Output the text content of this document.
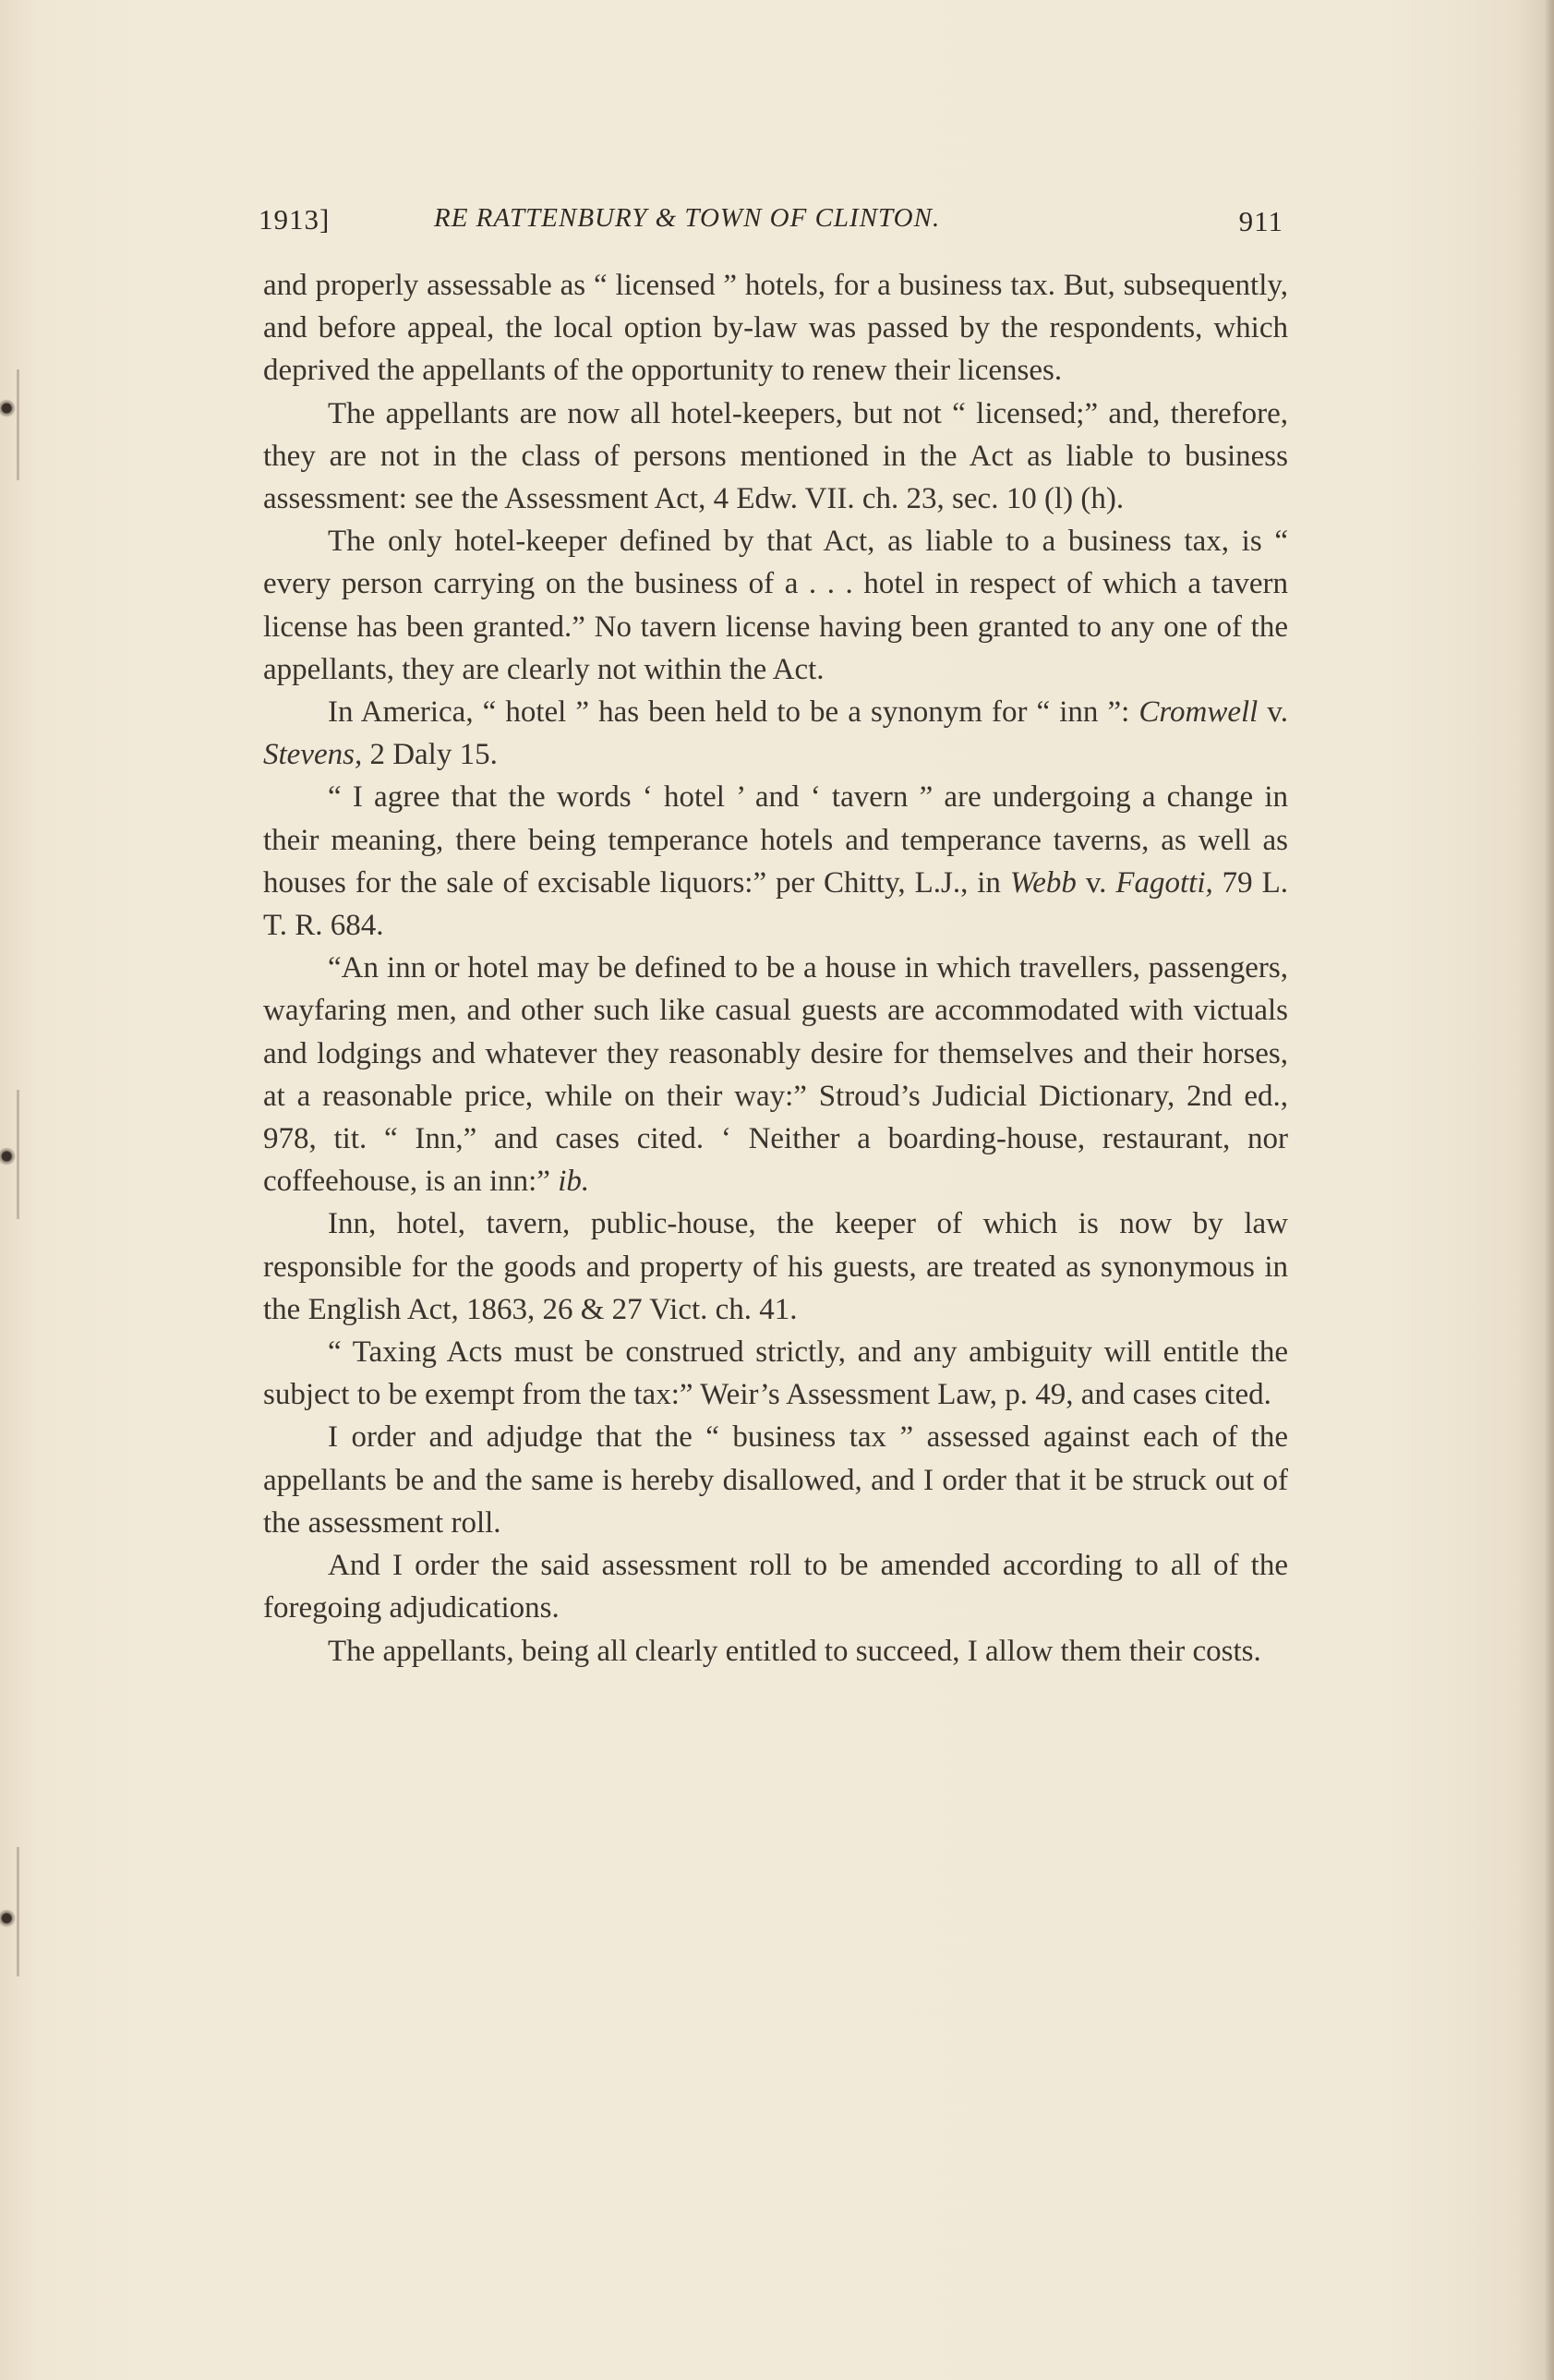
1913]	RE RATTENBURY & TOWN OF CLINTON.	911

and properly assessable as “ licensed ” hotels, for a business tax. But, subsequently, and before appeal, the local option by-law was passed by the respondents, which deprived the appellants of the opportunity to renew their licenses.

The appellants are now all hotel-keepers, but not “ licensed;” and, therefore, they are not in the class of persons mentioned in the Act as liable to business assessment: see the Assessment Act, 4 Edw. VII. ch. 23, sec. 10 (l) (h).

The only hotel-keeper defined by that Act, as liable to a business tax, is “ every person carrying on the business of a . . . hotel in respect of which a tavern license has been granted.” No tavern license having been granted to any one of the appellants, they are clearly not within the Act.

In America, “ hotel ” has been held to be a synonym for “ inn ”: Cromwell v. Stevens, 2 Daly 15.

“ I agree that the words ‘ hotel ’ and ‘ tavern ” are undergoing a change in their meaning, there being temperance hotels and temperance taverns, as well as houses for the sale of excisable liquors:” per Chitty, L.J., in Webb v. Fagotti, 79 L. T. R. 684.

“An inn or hotel may be defined to be a house in which travellers, passengers, wayfaring men, and other such like casual guests are accommodated with victuals and lodgings and whatever they reasonably desire for themselves and their horses, at a reasonable price, while on their way:” Stroud’s Judicial Dictionary, 2nd ed., 978, tit. “ Inn,” and cases cited. ‘ Neither a boarding-house, restaurant, nor coffeehouse, is an inn:” ib.

Inn, hotel, tavern, public-house, the keeper of which is now by law responsible for the goods and property of his guests, are treated as synonymous in the English Act, 1863, 26 & 27 Vict. ch. 41.

“ Taxing Acts must be construed strictly, and any ambiguity will entitle the subject to be exempt from the tax:” Weir’s Assessment Law, p. 49, and cases cited.

I order and adjudge that the “ business tax ” assessed against each of the appellants be and the same is hereby disallowed, and I order that it be struck out of the assessment roll.

And I order the said assessment roll to be amended according to all of the foregoing adjudications.

The appellants, being all clearly entitled to succeed, I allow them their costs.
